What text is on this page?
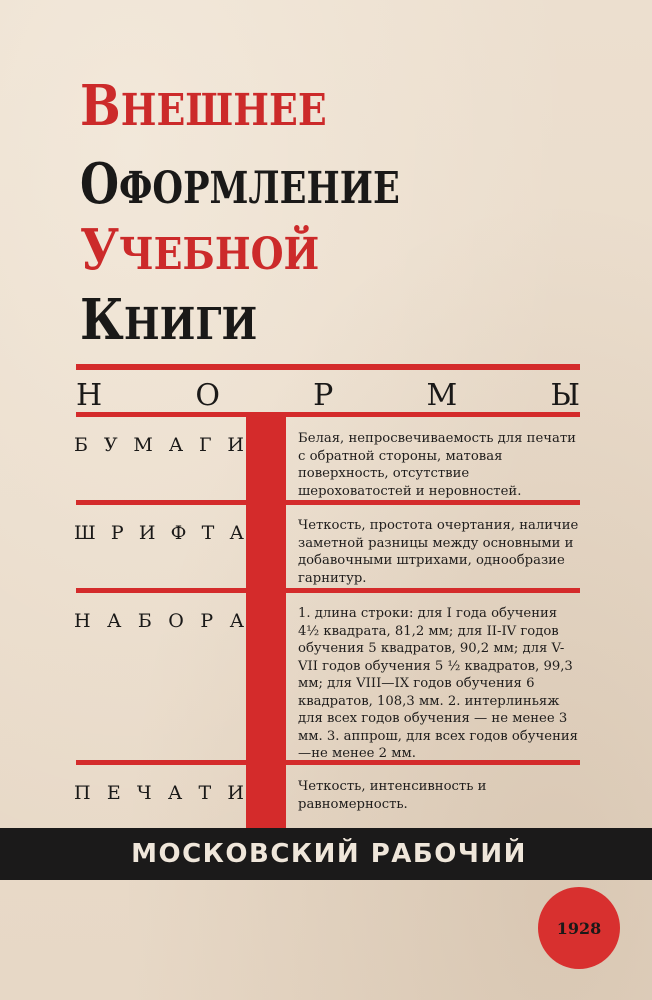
ВНЕШНЕЕ
ОФОРМЛЕНИЕ
УЧЕБНОЙ
КНИГИ
Н	О	Р	М	Ы
Б У М А Г И	Белая, непросвечиваемость для печати с обратной стороны, матовая поверхность, отсутствие шероховатостей и неровностей.
Ш Р И Ф Т А	Четкость, простота очертания, наличие заметной разницы между основными и добавочными штрихами, однообразие гарнитур.
Н А Б О Р А	1. длина строки: для I года обучения 4½ квадрата, 81,2 мм; для II-IV годов обучения 5 квадратов, 90,2 мм; для V-VII годов обучения 5 ½ квадратов, 99,3 мм; для VIII—IX годов обучения 6 квадратов, 108,3 мм. 2. интерлиньяж для всех годов обучения — не менее 3 мм. 3. аппрош, для всех годов обучения—не менее 2 мм.
П Е Ч А Т И	Четкость, интенсивность и равномерность.
МОСКОВСКИЙ РАБОЧИЙ
1928
